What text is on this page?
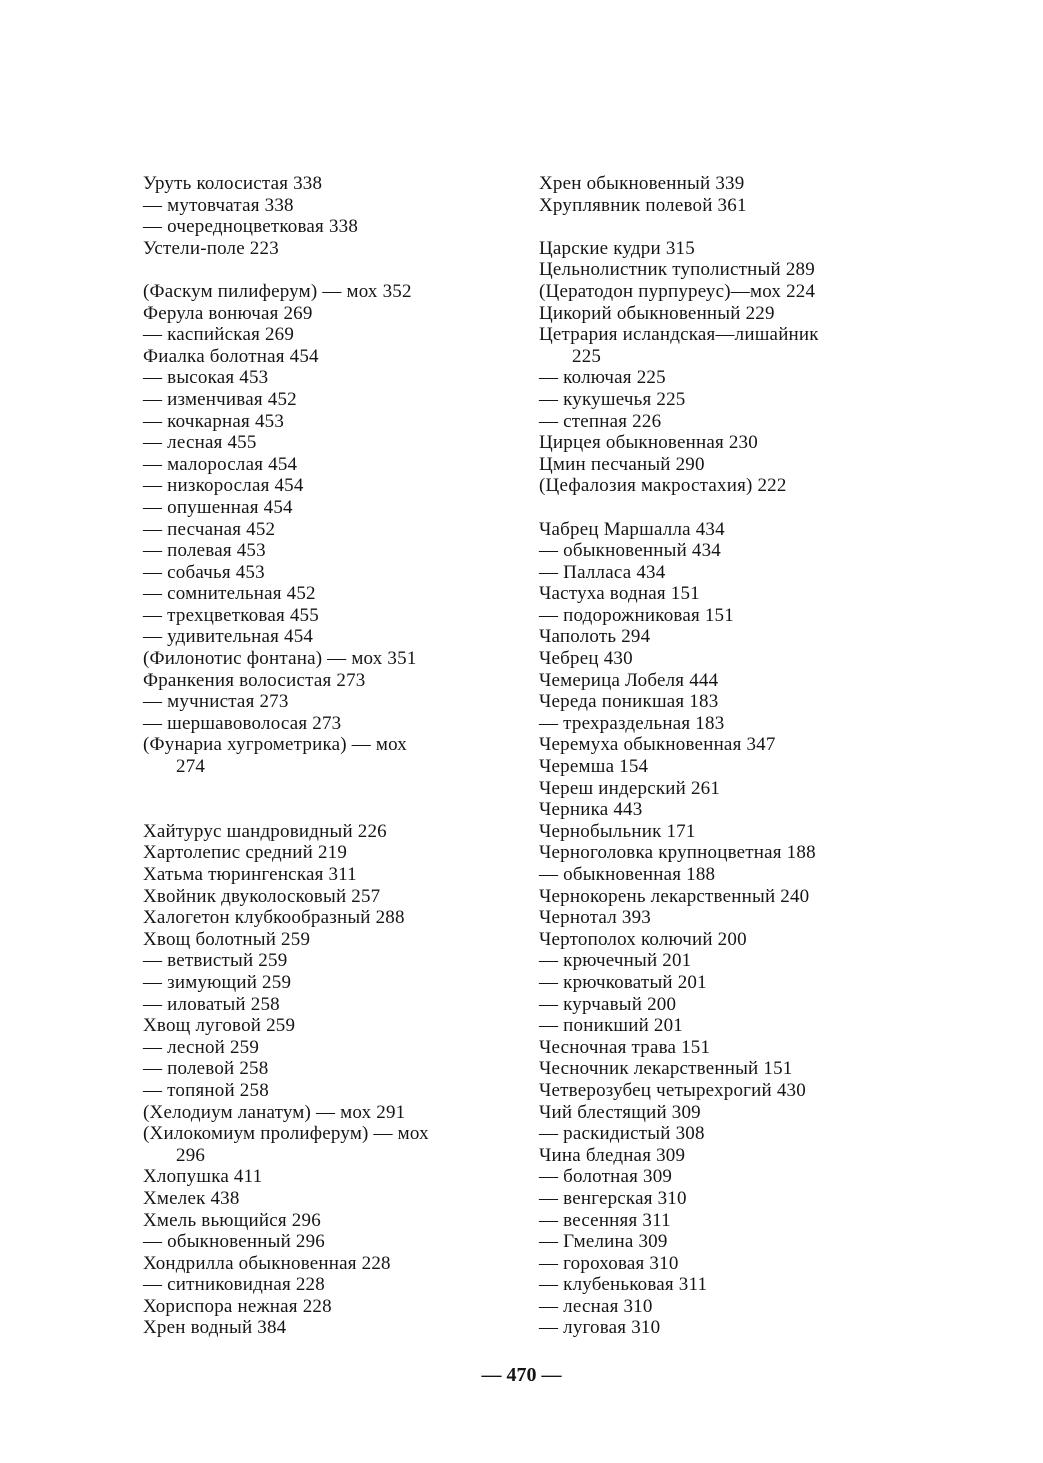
Уруть колосистая 338
— мутовчатая 338
— очередноцветковая 338
Устели-поле 223
(Фаскум пилиферум) — мох 352
Ферула вонючая 269
— каспийская 269
Фиалка болотная 454
— высокая 453
— изменчивая 452
— кочкарная 453
— лесная 455
— малорослая 454
— низкорослая 454
— опушенная 454
— песчаная 452
— полевая 453
— собачья 453
— сомнительная 452
— трехцветковая 455
— удивительная 454
(Филонотис фонтана) — мох 351
Франкения волосистая 273
— мучнистая 273
— шершавоволосая 273
(Фунариа хугрометрика) — мох
274
Хайтурус шандровидный 226
Хартолепис средний 219
Хатьма тюрингенская 311
Хвойник двуколосковый 257
Халогетон клубкообразный 288
Хвощ болотный 259
— ветвистый 259
— зимующий 259
— иловатый 258
Хвощ луговой 259
— лесной 259
— полевой 258
— топяной 258
(Хелодиум ланатум) — мох 291
(Хилокомиум пролиферум) — мох
296
Хлопушка 411
Хмелек 438
Хмель вьющийся 296
— обыкновенный 296
Хондрилла обыкновенная 228
— ситниковидная 228
Хориспора нежная 228
Хрен водный 384
Хрен обыкновенный 339
Хруплявник полевой 361
Царские кудри 315
Цельнолистник туполистный 289
(Цератодон пурпуреус)—мох 224
Цикорий обыкновенный 229
Цетрария исландская—лишайник
225
— колючая 225
— кукушечья 225
— степная 226
Цирцея обыкновенная 230
Цмин песчаный 290
(Цефалозия макростахия) 222
Чабрец Маршалла 434
— обыкновенный 434
— Палласа 434
Частуха водная 151
— подорожниковая 151
Чаполоть 294
Чебрец 430
Чемерица Лобеля 444
Череда поникшая 183
— трехраздельная 183
Черемуха обыкновенная 347
Черемша 154
Череш индерский 261
Черника 443
Чернобыльник 171
Черноголовка крупноцветная 188
— обыкновенная 188
Чернокорень лекарственный 240
Чернотал 393
Чертополох колючий 200
— крючечный 201
— крючковатый 201
— курчавый 200
— поникший 201
Чесночная трава 151
Чесночник лекарственный 151
Четверозубец четырехрогий 430
Чий блестящий 309
— раскидистый 308
Чина бледная 309
— болотная 309
— венгерская 310
— весенняя 311
— Гмелина 309
— гороховая 310
— клубеньковая 311
— лесная 310
— луговая 310
— 470 —
